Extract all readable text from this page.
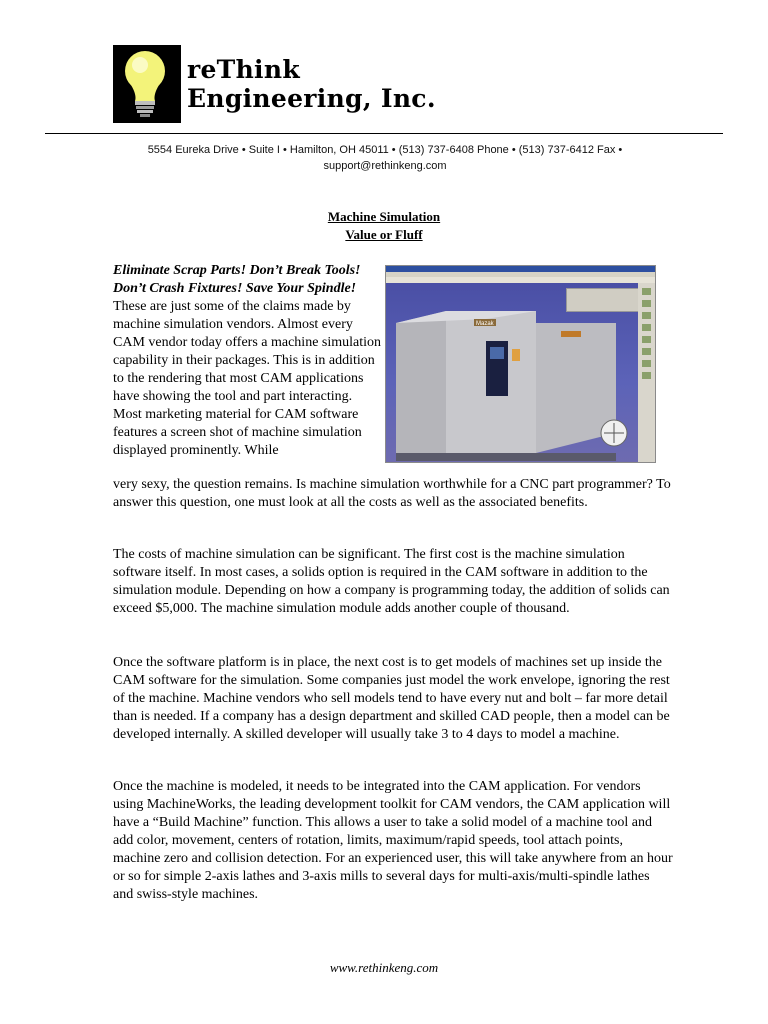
reThink
Engineering, Inc.
5554 Eureka Drive • Suite I • Hamilton, OH 45011 • (513) 737-6408 Phone • (513) 737-6412 Fax •
support@rethinkeng.com
Machine Simulation
Value or Fluff
Eliminate Scrap Parts! Don’t Break Tools! Don’t Crash Fixtures! Save Your Spindle! These are just some of the claims made by machine simulation vendors. Almost every CAM vendor today offers a machine simulation capability in their packages. This is in addition to the rendering that most CAM applications have showing the tool and part interacting. Most marketing material for CAM software features a screen shot of machine simulation displayed prominently. While
Mazak
very sexy, the question remains. Is machine simulation worthwhile for a CNC part programmer? To answer this question, one must look at all the costs as well as the associated benefits.

The costs of machine simulation can be significant. The first cost is the machine simulation software itself. In most cases, a solids option is required in the CAM software in addition to the simulation module. Depending on how a company is programming today, the addition of solids can exceed $5,000. The machine simulation module adds another couple of thousand.

Once the software platform is in place, the next cost is to get models of machines set up inside the CAM software for the simulation. Some companies just model the work envelope, ignoring the rest of the machine. Machine vendors who sell models tend to have every nut and bolt – far more detail than is needed. If a company has a design department and skilled CAD people, then a model can be developed internally. A skilled developer will usually take 3 to 4 days to model a machine.

Once the machine is modeled, it needs to be integrated into the CAM application. For vendors using MachineWorks, the leading development toolkit for CAM vendors, the CAM application will have a “Build Machine” function. This allows a user to take a solid model of a machine tool and add color, movement, centers of rotation, limits, maximum/rapid speeds, tool attach points, machine zero and collision detection. For an experienced user, this will take anywhere from an hour or so for simple 2-axis lathes and 3-axis mills to several days for multi-axis/multi-spindle lathes and swiss-style machines.

www.rethinkeng.com
